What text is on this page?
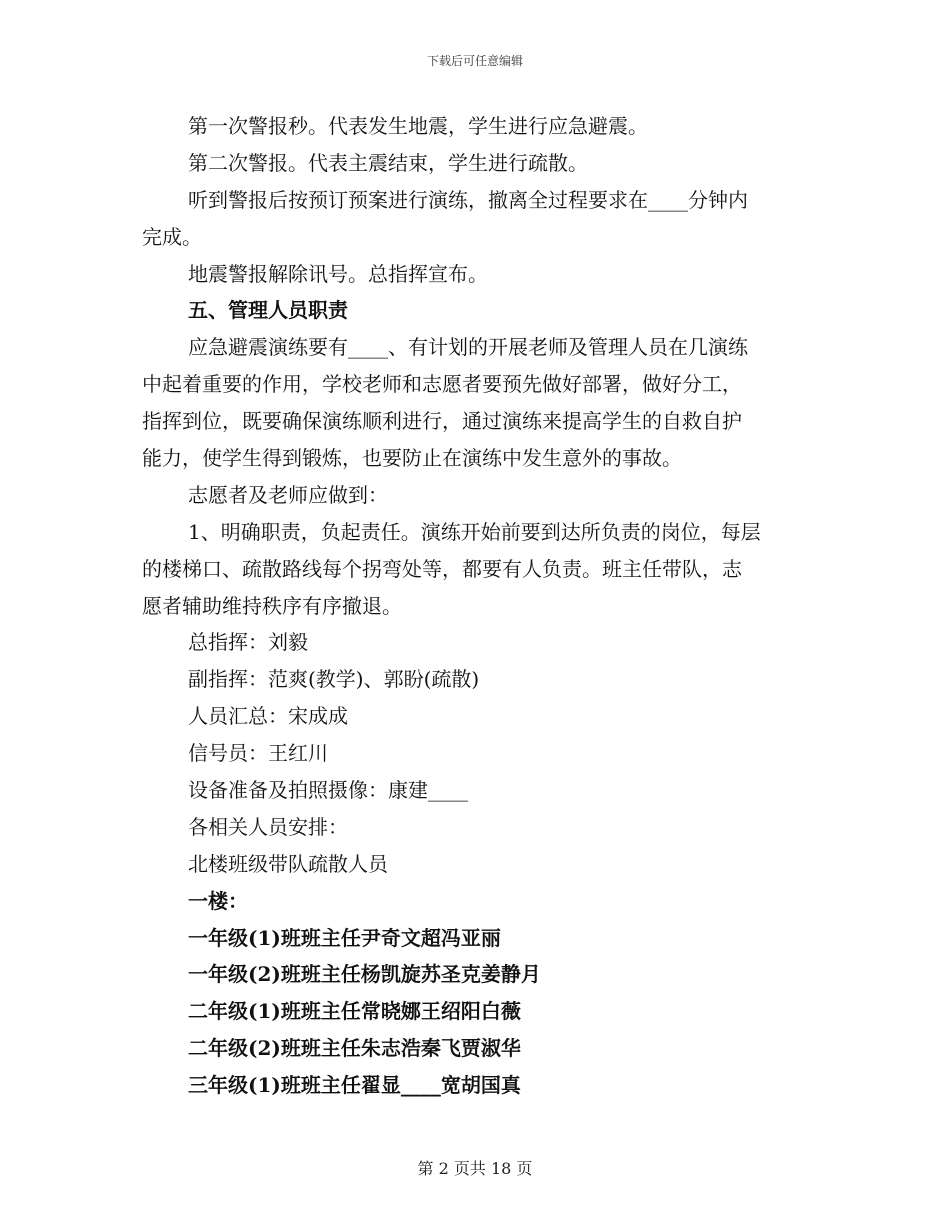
下载后可任意编辑
第一次警报秒。代表发生地震，学生进行应急避震。
第二次警报。代表主震结束，学生进行疏散。
听到警报后按预订预案进行演练，撤离全过程要求在____分钟内
完成。
地震警报解除讯号。总指挥宣布。
五、管理人员职责
应急避震演练要有____、有计划的开展老师及管理人员在几演练
中起着重要的作用，学校老师和志愿者要预先做好部署，做好分工，
指挥到位，既要确保演练顺利进行，通过演练来提高学生的自救自护
能力，使学生得到锻炼，也要防止在演练中发生意外的事故。
志愿者及老师应做到：
1、明确职责，负起责任。演练开始前要到达所负责的岗位，每层
的楼梯口、疏散路线每个拐弯处等，都要有人负责。班主任带队，志
愿者辅助维持秩序有序撤退。
总指挥：刘毅
副指挥：范爽(教学)、郭盼(疏散)
人员汇总：宋成成
信号员：王红川
设备准备及拍照摄像：康建____
各相关人员安排：
北楼班级带队疏散人员
一楼：
一年级(1)班班主任尹奇文超冯亚丽
一年级(2)班班主任杨凯旋苏圣克姜静月
二年级(1)班班主任常晓娜王绍阳白薇
二年级(2)班班主任朱志浩秦飞贾淑华
三年级(1)班班主任翟显____宽胡国真
第 2 页共 18 页
